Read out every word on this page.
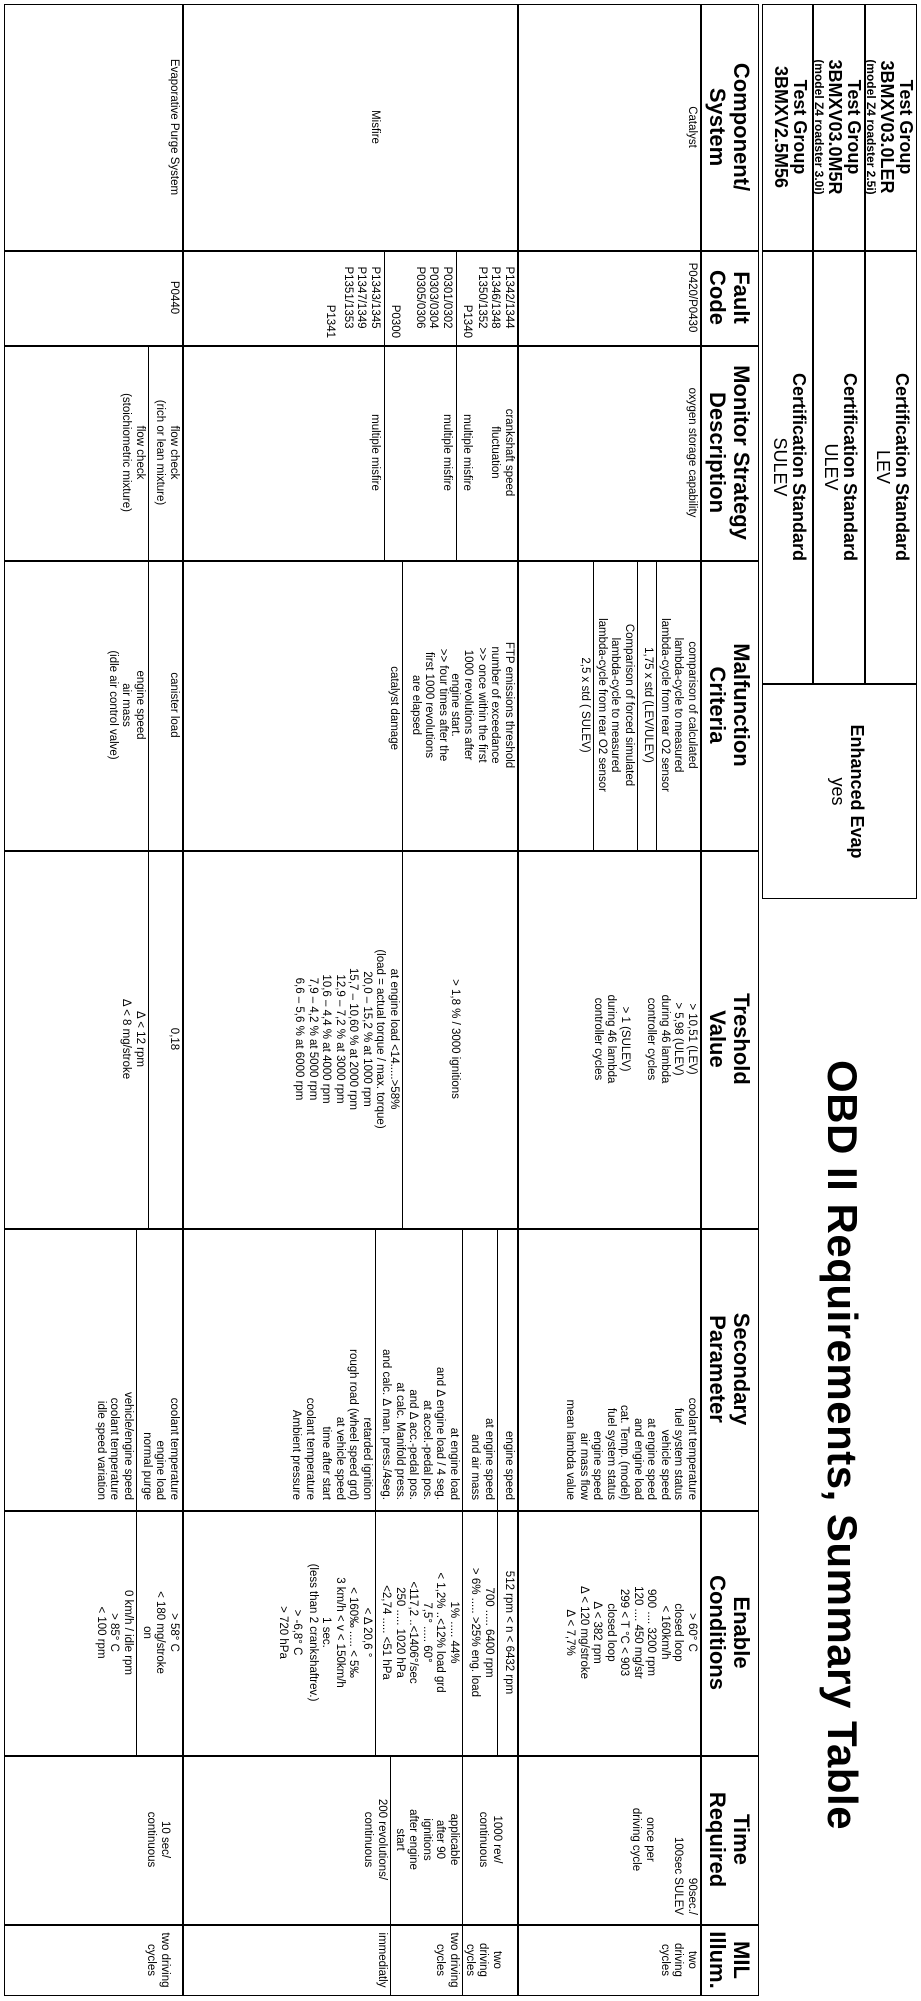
OBD II Requirements, Summary Table
Test Group
3BMXV03.0LER
(model Z4 roadster 2.5i)
Test Group
3BMXV03.0M5R
(model Z4 roadster 3.0i)
Test Group
3BMXV2.5M56
Certification Standard
LEV
Certification Standard
ULEV
Certification Standard
SULEV
Enhanced Evap
yes
Component/
System
Fault
Code
Monitor Strategy
Description
Malfunction
Criteria
Treshold
Value
Secondary
Parameter
Enable
Conditions
Time
Required
MIL
Illum.
Catalyst
P0420/P0430
oxygen storage capability
comparison of calculated
lambda-cycle to measured
lambda-cycle from rear O2 sensor
1,75 x std (LEV/ULEV)
Comparison of forced simulated
lambda-cycle to measured
lambda-cycle from rear O2 sensor
2,5 x std ( SULEV)
> 10,51 (LEV)
> 5,98 (ULEV)
during 46 lambda
controller cycles
> 1 (SULEV)
during 46 lambda
controller cycles
coolant temperature
fuel system status
vehicle speed
at engine speed
and engine load
cat. Temp. (model)
fuel system status
engine speed
air mass flow
mean lambda value
> 60° C
closed loop
< 160km/h
900 .... 3200 rpm
120 .... 450 mg/str
299 < T °C < 903
closed loop
Δ < 382 rpm
Δ < 120 mg/stroke
Δ < 7,7%
90sec./
100sec SULEV
once per
driving cycle
two
driving
cycles
Misfire
P1342/1344
P1346/1348
P1350/1352
P1340
P0301/0302
P0303/0304
P0305/0306
P0300
P1343/1345
P1347/1349
P1351/1353
P1341
crankshaft speed
fluctuation
multiple misfire
multiple misfire
multiple misfire
FTP emissions threshold
number of exceedance
>> once within the first
1000 revolutions after
engine start.
>> four times after the
first 1000 revolutions
are elapsed
catalyst damage
> 1,8 % / 3000 ignitions
at engine load <14.....>58%
(load = actual torque / max. torque)
20,0 – 15,2 % at 1000 rpm
15,7 – 10,60 % at 2000 rpm
12,9 – 7,2 % at 3000 rpm
10,6 – 4,4 % at 4000 rpm
7,9 – 4,2 % at 5000 rpm
6,6 – 5,6 % at 6000 rpm
engine speed
at engine speed
and air mass
at engine load
and Δ engine load / 4 seg.
at accel.-pedal pos.
and Δ acc.-pedal pos.
at calc. Manifold press.
and calc. Δ man. press./4seg.
retarded ignition
rough road (wheel speed grd)
at vehicle speed
time after start
coolant temperature
Ambient pressure
512 rpm < n < 6432 rpm
700 ..... 6400 rpm
> 6% ..... >25% eng. load
1% ..... 44%
< 1,2% ..<12% load grd
7,5° ..... 60°
<117,2 ..<1406°/sec
250 ..... 1020 hPa
<2,74 ..... <51 hPa
< Δ 20,6 °
< 160‰ ..... < 5‰
3 km/h < v < 150km/h
1 sec.
(less than 2 crankshaftrev.)
> -6,8° C
> 720 hPa
1000 rev/
continuous
applicable
after 90
ignitions
after engine
start
200 revolutions/
continuous
two
driving
cycles
two driving
cycles
immediatly
Evaporative Purge System
P0440
flow check
(rich or lean mixture)
flow check
(stoichiometric mixture)
canister load
engine speed
air mass
(idle air control valve)
0,18
Δ < 12 rpm
Δ < 8 mg/stroke
coolant temperature
engine load
normal purge
vehicle/engine speed
coolant temperature
idle speed variation
> 58° C
< 180 mg/stroke
on
0 km/h / idle rpm
> 85° C
< 100 rpm
10 sec/
continuous
two driving
cycles
